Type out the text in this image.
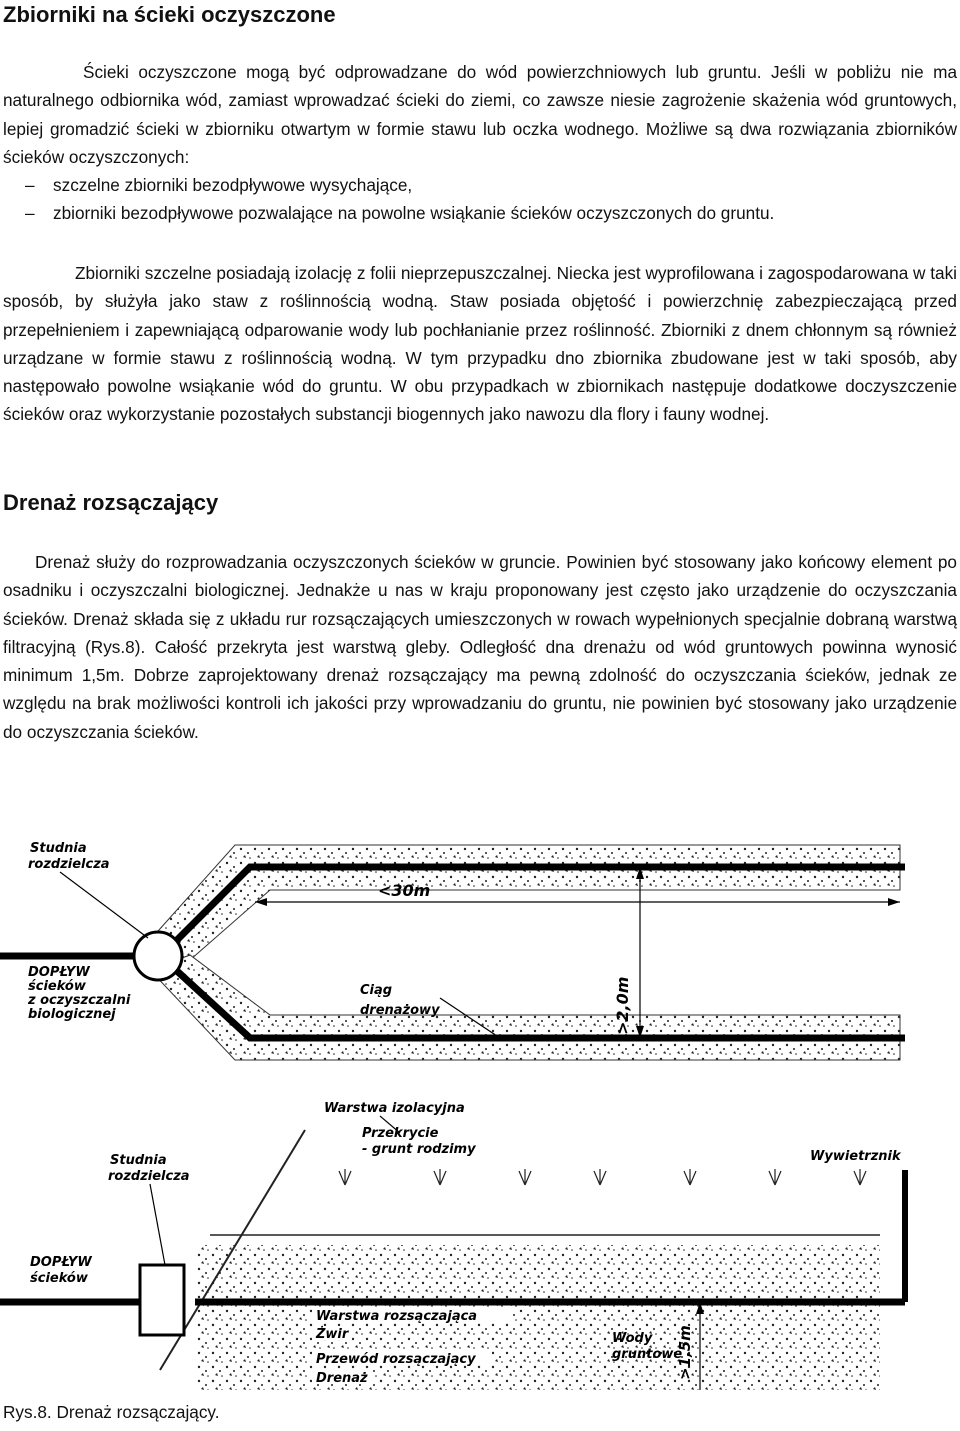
Zbiorniki na ścieki oczyszczone

Ścieki oczyszczone mogą być odprowadzane do wód powierzchniowych lub gruntu. Jeśli w pobliżu nie ma naturalnego odbiornika wód, zamiast wprowadzać ścieki do ziemi, co zawsze niesie zagrożenie skażenia wód gruntowych, lepiej gromadzić ścieki w zbiorniku otwartym w formie stawu lub oczka wodnego. Możliwe są dwa rozwiązania zbiorników ścieków oczyszczonych:

– szczelne zbiorniki bezodpływowe wysychające,
– zbiorniki bezodpływowe pozwalające na powolne wsiąkanie ścieków oczyszczonych do gruntu.

Zbiorniki szczelne posiadają izolację z folii nieprzepuszczalnej. Niecka jest wyprofilowana i zagospodarowana w taki sposób, by służyła jako staw z roślinnością wodną. Staw posiada objętość i powierzchnię zabezpieczającą przed przepełnieniem i zapewniającą odparowanie wody lub pochłanianie przez roślinność. Zbiorniki z dnem chłonnym są również urządzane w formie stawu z roślinnością wodną. W tym przypadku dno zbiornika zbudowane jest w taki sposób, aby następowało powolne wsiąkanie wód do gruntu. W obu przypadkach w zbiornikach następuje dodatkowe doczyszczenie ścieków oraz wykorzystanie pozostałych substancji biogennych jako nawozu dla flory i fauny wodnej.

Drenaż rozsączający

Drenaż służy do rozprowadzania oczyszczonych ścieków w gruncie. Powinien być stosowany jako końcowy element po osadniku i oczyszczalni biologicznej. Jednakże u nas w kraju proponowany jest często jako urządzenie do oczyszczania ścieków. Drenaż składa się z układu rur rozsączających umieszczonych w rowach wypełnionych specjalnie dobraną warstwą filtracyjną (Rys.8). Całość przekryta jest warstwą gleby. Odległość dna drenażu od wód gruntowych powinna wynosić minimum 1,5m. Dobrze zaprojektowany drenaż rozsączający ma pewną zdolność do oczyszczania ścieków, jednak ze względu na brak możliwości kontroli ich jakości przy wprowadzaniu do gruntu, nie powinien być stosowany jako urządzenie do oczyszczania ścieków.

<30m
>2,0m
Studnia
rozdzielcza
DOPŁYW
ścieków
z oczyszczalni
biologicznej
Ciąg
drenażowy
>1,5m
Warstwa izolacyjna
Przekrycie
- grunt rodzimy	Wywietrznik
Studnia
rozdzielcza
DOPŁYW
ścieków
Wody
gruntowe
Warstwa rozsączająca
Żwir
Przewód rozsączający
Drenaż
Rys.8. Drenaż rozsączający.
